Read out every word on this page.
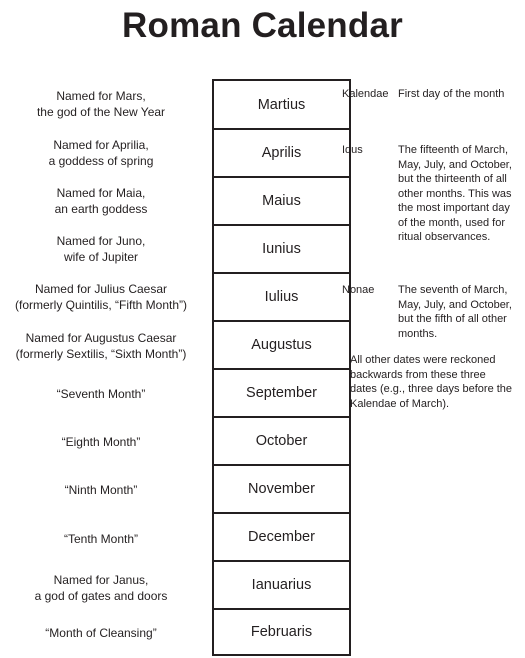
Roman Calendar
Martius
Aprilis
Maius
Iunius
Iulius
Augustus
September
October
November
December
Ianuarius
Februaris
Named for Mars,
the god of the New Year
Named for Aprilia,
a goddess of spring
Named for Maia,
an earth goddess
Named for Juno,
wife of Jupiter
Named for Julius Caesar
(formerly Quintilis, “Fifth Month”)
Named for Augustus Caesar
(formerly Sextilis, “Sixth Month”)
“Seventh Month”
“Eighth Month”
“Ninth Month”
“Tenth Month”
Named for Janus,
a god of gates and doors
“Month of Cleansing”
Kalendae First day of the month
Idus	The fifteenth of March,
May, July, and October,
but the thirteenth of all
other months. This was
the most important day
of the month, used for
ritual observances.
Nonae The seventh of March,
May, July, and October,
but the fifth of all other
months.
All other dates were reckoned
backwards from these three
dates (e.g., three days before the
Kalendae of March).
